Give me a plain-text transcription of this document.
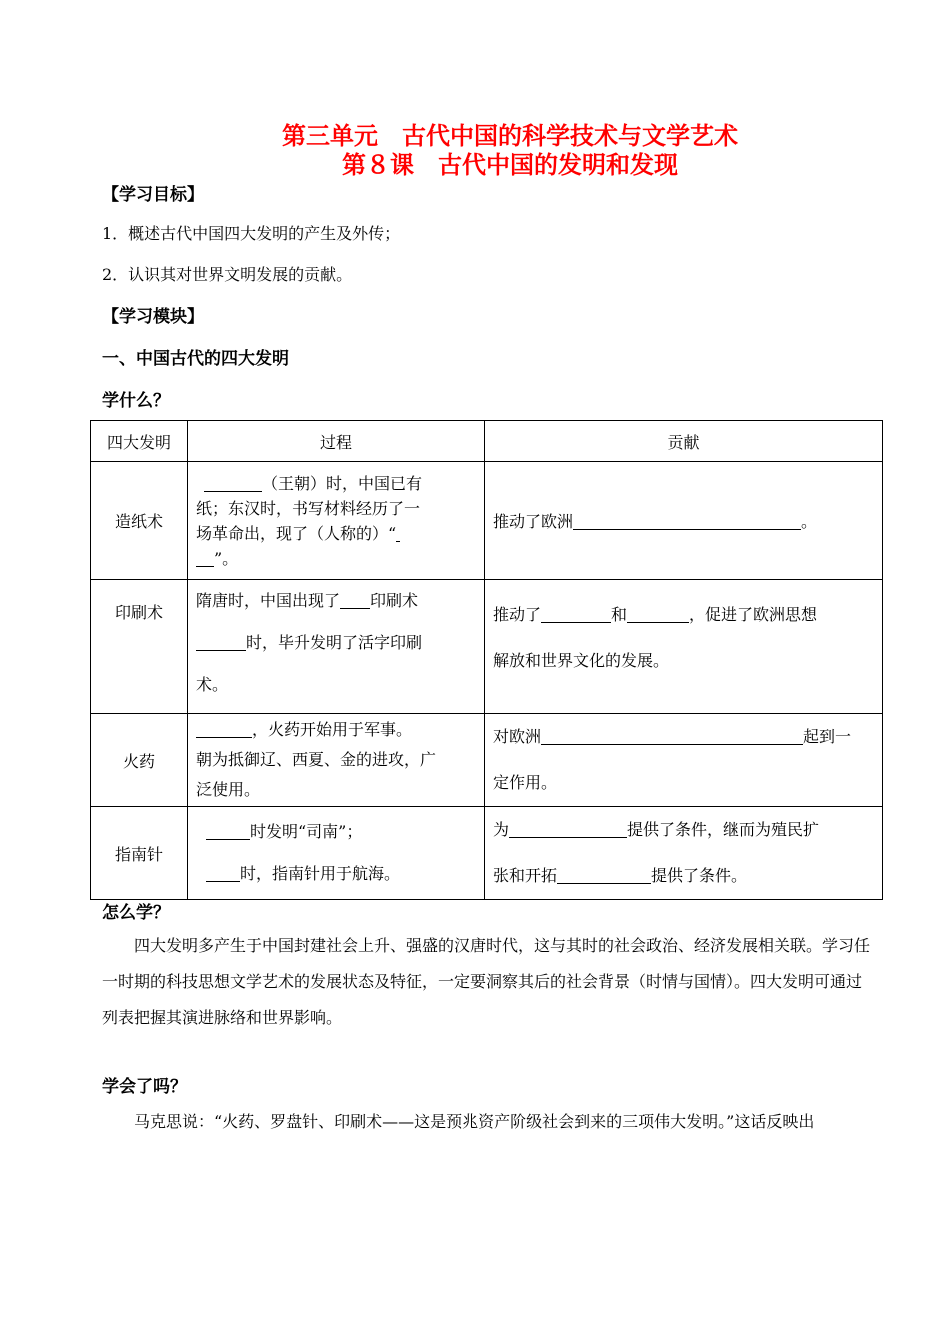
第三单元　古代中国的科学技术与文学艺术
第８课　古代中国的发明和发现
【学习目标】
1．概述古代中国四大发明的产生及外传；
2．认识其对世界文明发展的贡献。
【学习模块】
一、中国古代的四大发明
学什么？
四大发明	过程	贡献
造纸术	（王朝）时，中国已有
纸；东汉时，书写材料经历了一
场革命出，现了（人称的）“
”。	推动了欧洲 。
印刷术	隋唐时，中国出现了 印刷术
时，毕升发明了活字印刷
术。	推动了 和 ，促进了欧洲思想
解放和世界文化的发展。
火药	，火药开始用于军事。
朝为抵御辽、西夏、金的进攻，广
泛使用。	对欧洲 起到一
定作用。
指南针	时发明“司南”；
时，指南针用于航海。	为 提供了条件，继而为殖民扩
张和开拓 提供了条件。
怎么学？
四大发明多产生于中国封建社会上升、强盛的汉唐时代，这与其时的社会政治、经济发展相关联。学习任一时期的科技思想文学艺术的发展状态及特征，一定要洞察其后的社会背景（时情与国情）。四大发明可通过列表把握其演进脉络和世界影响。
学会了吗？
马克思说：“火药、罗盘针、印刷术——这是预兆资产阶级社会到来的三项伟大发明。”这话反映出
